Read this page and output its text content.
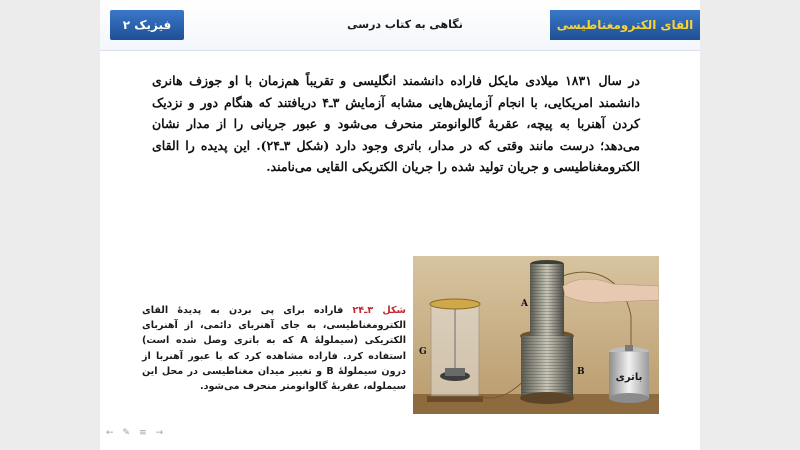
فیزیک ۲	نگاهی به کتاب درسی	القای الکترومغناطیسی

در سال ۱۸۳۱ میلادی مایکل فاراده دانشمند انگلیسی و تقریباً هم‌زمان با او جوزف هانری دانشمند امریکایی، با انجام آزمایش‌هایی مشابه آزمایش ۳ـ۴ دریافتند که هنگام دور و نزدیک کردن آهنربا به پیچه، عقربهٔ گالوانومتر منحرف می‌شود و عبور جریانی را از مدار نشان می‌دهد؛ درست مانند وقتی که در مدار، باتری وجود دارد (شکل ۳ـ۲۴). این پدیده را القای الکترومغناطیسی و جریان تولید شده را جریان الکتریکی القایی می‌نامند.

شکل ۳ـ۲۴ فاراده برای پی بردن به پدیدهٔ القای الکترومغناطیسی، به جای آهنربای دائمی، از آهنربای الکتریکی (سیملولهٔ A که به باتری وصل شده است) استفاده کرد. فاراده مشاهده کرد که با عبور آهنربا از درون سیملولهٔ B و تغییر میدان مغناطیسی در محل این سیملوله، عقربهٔ گالوانومتر منحرف می‌شود.
G
B
A
باتری
← ✎ ≡ →
